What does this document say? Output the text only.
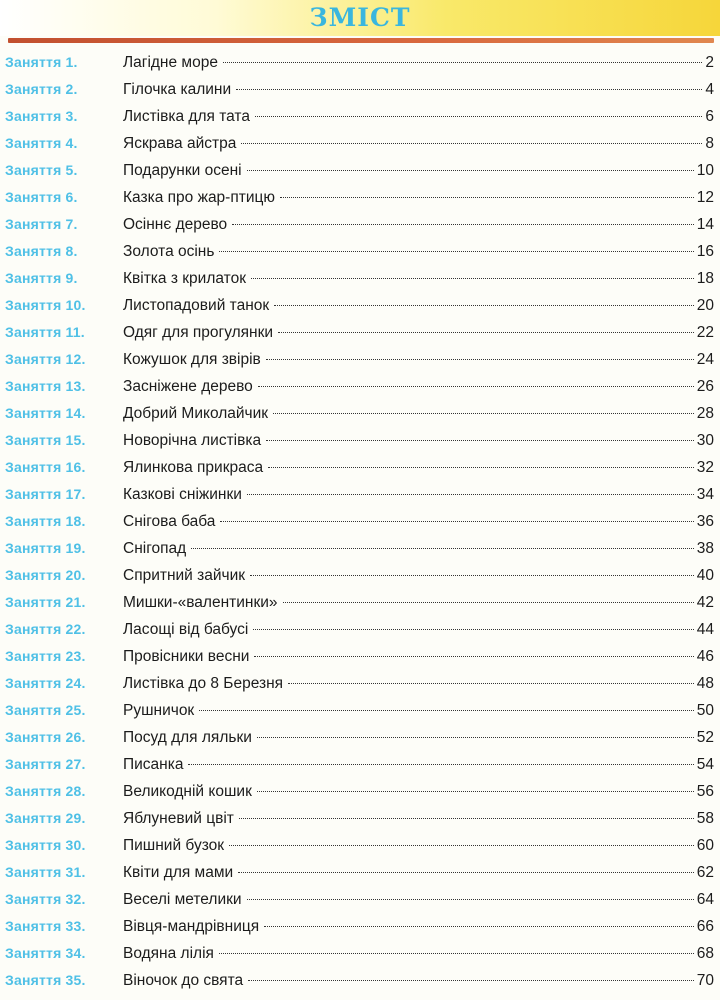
ЗМІСТ
Заняття 1.	Лагідне море	2
Заняття 2.	Гілочка калини	4
Заняття 3.	Листівка для тата	6
Заняття 4.	Яскрава айстра	8
Заняття 5.	Подарунки осені	10
Заняття 6.	Казка про жар-птицю	12
Заняття 7.	Осіннє дерево	14
Заняття 8.	Золота осінь	16
Заняття 9.	Квітка з крилаток	18
Заняття 10.	Листопадовий танок	20
Заняття 11.	Одяг для прогулянки	22
Заняття 12.	Кожушок для звірів	24
Заняття 13.	Засніжене дерево	26
Заняття 14.	Добрий Миколайчик	28
Заняття 15.	Новорічна листівка	30
Заняття 16.	Ялинкова прикраса	32
Заняття 17.	Казкові сніжинки	34
Заняття 18.	Снігова баба	36
Заняття 19.	Снігопад	38
Заняття 20.	Спритний зайчик	40
Заняття 21.	Мишки-«валентинки»	42
Заняття 22.	Ласощі від бабусі	44
Заняття 23.	Провісники весни	46
Заняття 24.	Листівка до 8 Березня	48
Заняття 25.	Рушничок	50
Заняття 26.	Посуд для ляльки	52
Заняття 27.	Писанка	54
Заняття 28.	Великодній кошик	56
Заняття 29.	Яблуневий цвіт	58
Заняття 30.	Пишний бузок	60
Заняття 31.	Квіти для мами	62
Заняття 32.	Веселі метелики	64
Заняття 33.	Вівця-мандрівниця	66
Заняття 34.	Водяна лілія	68
Заняття 35.	Віночок до свята	70
